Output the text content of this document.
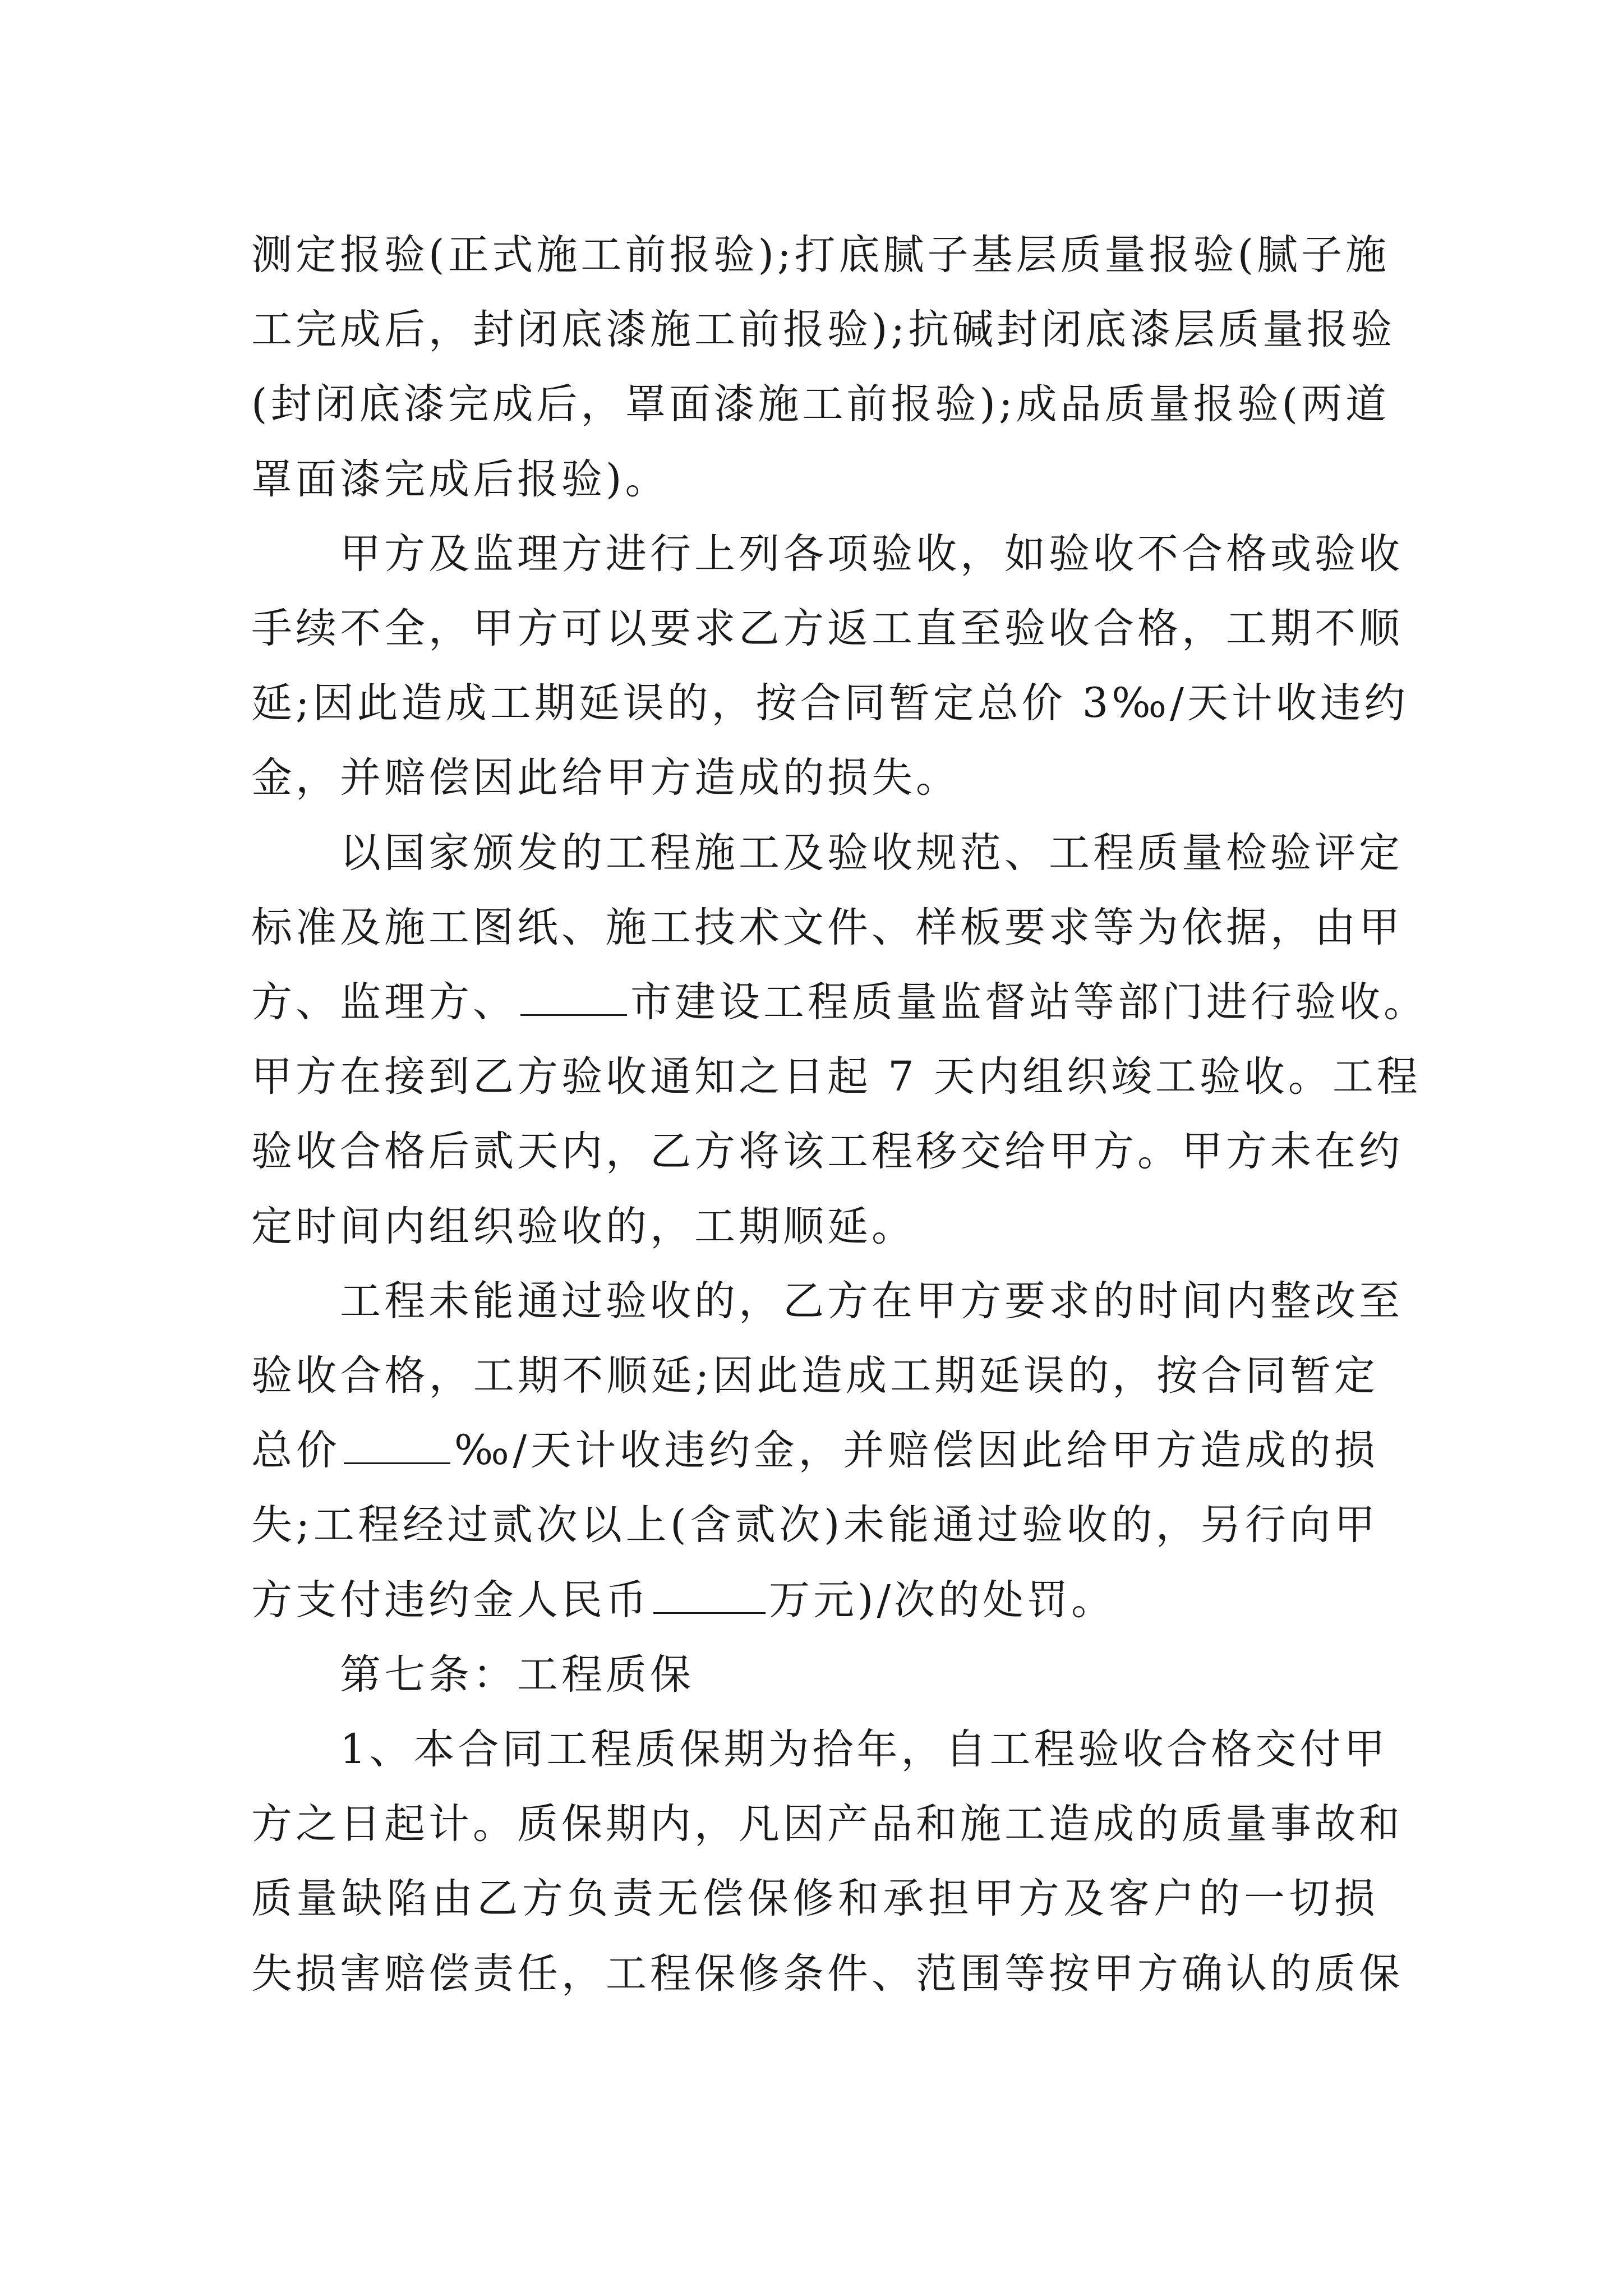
测定报验(正式施工前报验);打底腻子基层质量报验(腻子施
工完成后，封闭底漆施工前报验);抗碱封闭底漆层质量报验
(封闭底漆完成后，罩面漆施工前报验);成品质量报验(两道
罩面漆完成后报验)。

甲方及监理方进行上列各项验收，如验收不合格或验收
手续不全，甲方可以要求乙方返工直至验收合格，工期不顺
延;因此造成工期延误的，按合同暂定总价 3‰/天计收违约
金，并赔偿因此给甲方造成的损失。

以国家颁发的工程施工及验收规范、工程质量检验评定
标准及施工图纸、施工技术文件、样板要求等为依据，由甲
方、监理方、	市建设工程质量监督站等部门进行验收。
甲方在接到乙方验收通知之日起 7 天内组织竣工验收。工程
验收合格后贰天内，乙方将该工程移交给甲方。甲方未在约
定时间内组织验收的，工期顺延。

工程未能通过验收的，乙方在甲方要求的时间内整改至
验收合格，工期不顺延;因此造成工期延误的，按合同暂定
总价	‰/天计收违约金，并赔偿因此给甲方造成的损
失;工程经过贰次以上(含贰次)未能通过验收的，另行向甲
方支付违约金人民币	万元)/次的处罚。

第七条：工程质保

1、本合同工程质保期为拾年，自工程验收合格交付甲
方之日起计。质保期内，凡因产品和施工造成的质量事故和
质量缺陷由乙方负责无偿保修和承担甲方及客户的一切损
失损害赔偿责任，工程保修条件、范围等按甲方确认的质保
